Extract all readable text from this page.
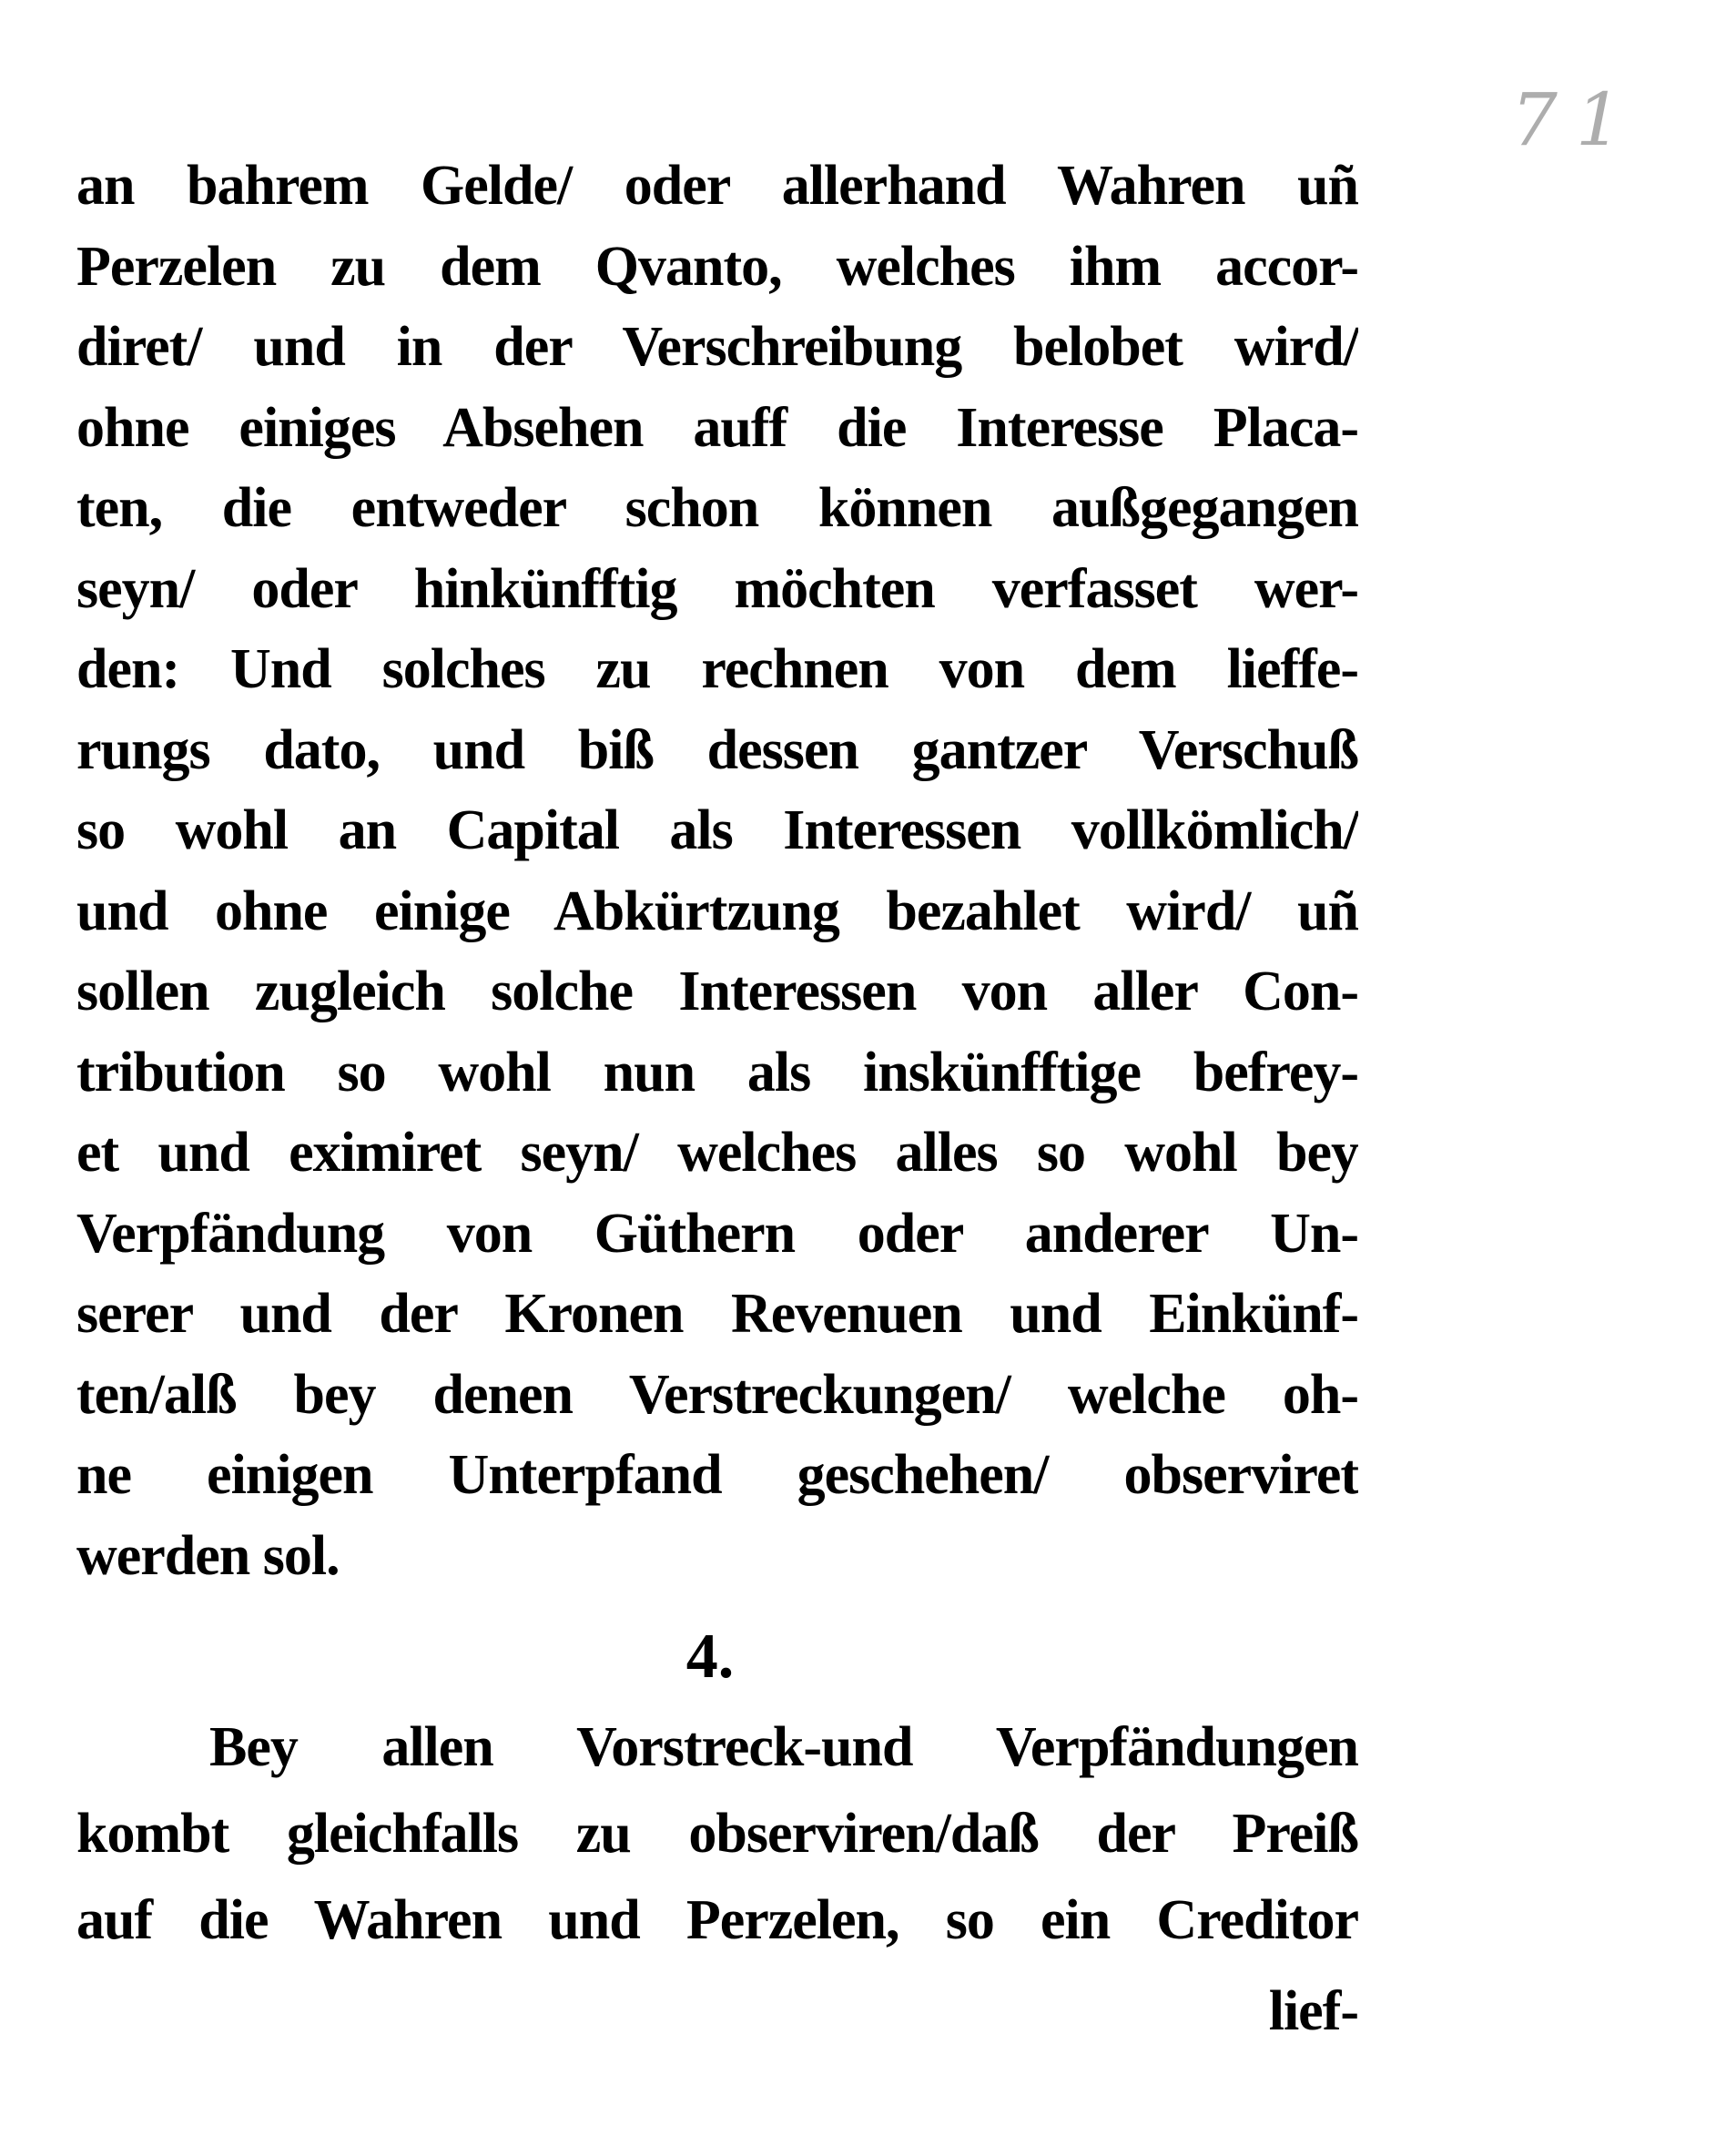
71
an bahrem Gelde/ oder allerhand Wahren uñ
Perzelen zu dem Qvanto, welches ihm accor-
diret/ und in der Verschreibung belobet wird/
ohne einiges Absehen auff die Interesse Placa-
ten, die entweder schon können außgegangen
seyn/ oder hinkünfftig möchten verfasset wer-
den: Und solches zu rechnen von dem lieffe-
rungs dato, und biß dessen gantzer Verschuß
so wohl an Capital als Interessen vollkömlich/
und ohne einige Abkürtzung bezahlet wird/ uñ
sollen zugleich solche Interessen von aller Con-
tribution so wohl nun als inskünfftige befrey-
et und eximiret seyn/ welches alles so wohl bey
Verpfändung von Güthern oder anderer Un-
serer und der Kronen Revenuen und Einkünf-
ten/alß bey denen Verstreckungen/ welche oh-
ne einigen Unterpfand geschehen/ observiret
werden sol.
4.
Bey allen Vorstreck-und Verpfändungen
kombt gleichfalls zu observiren/daß der Preiß
auf die Wahren und Perzelen, so ein Creditor
lief-
